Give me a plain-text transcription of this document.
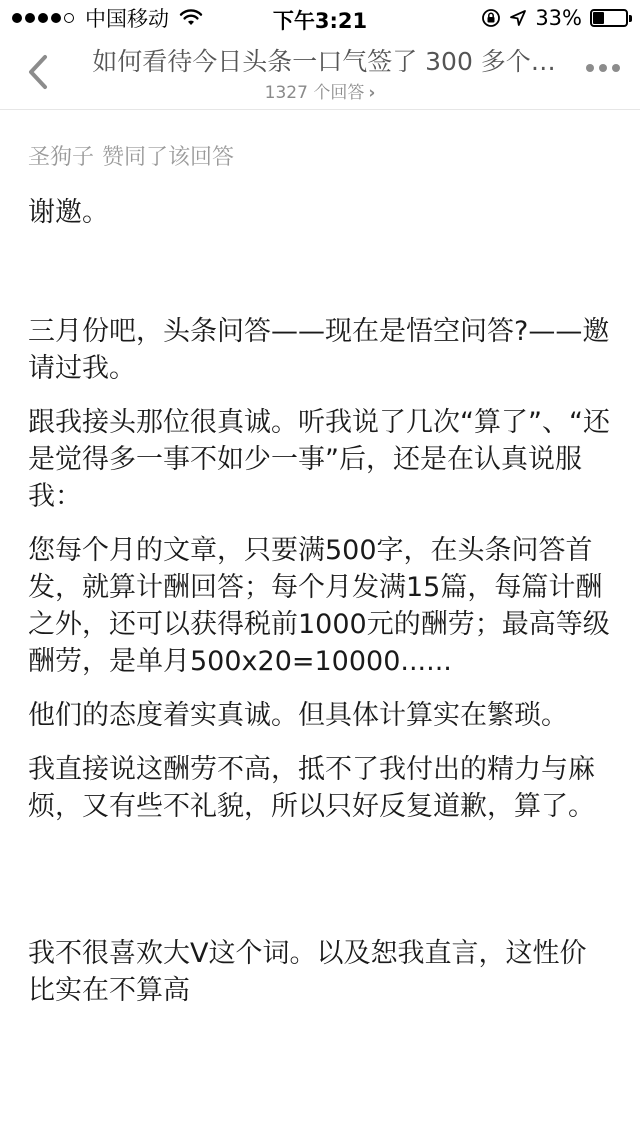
中国移动	下午3:21	33%
如何看待今日头条一口气签了 300 多个…
1327 个回答 ›
圣狗子 赞同了该回答

谢邀。

三月份吧，头条问答——现在是悟空问答?——邀请过我。

跟我接头那位很真诚。听我说了几次“算了”、“还是觉得多一事不如少一事”后，还是在认真说服我：

您每个月的文章，只要满500字，在头条问答首发，就算计酬回答；每个月发满15篇，每篇计酬之外，还可以获得税前1000元的酬劳；最高等级酬劳，是单月500x20=10000......

他们的态度着实真诚。但具体计算实在繁琐。

我直接说这酬劳不高，抵不了我付出的精力与麻烦，又有些不礼貌，所以只好反复道歉，算了。

我不很喜欢大V这个词。以及恕我直言，这性价比实在不算高
